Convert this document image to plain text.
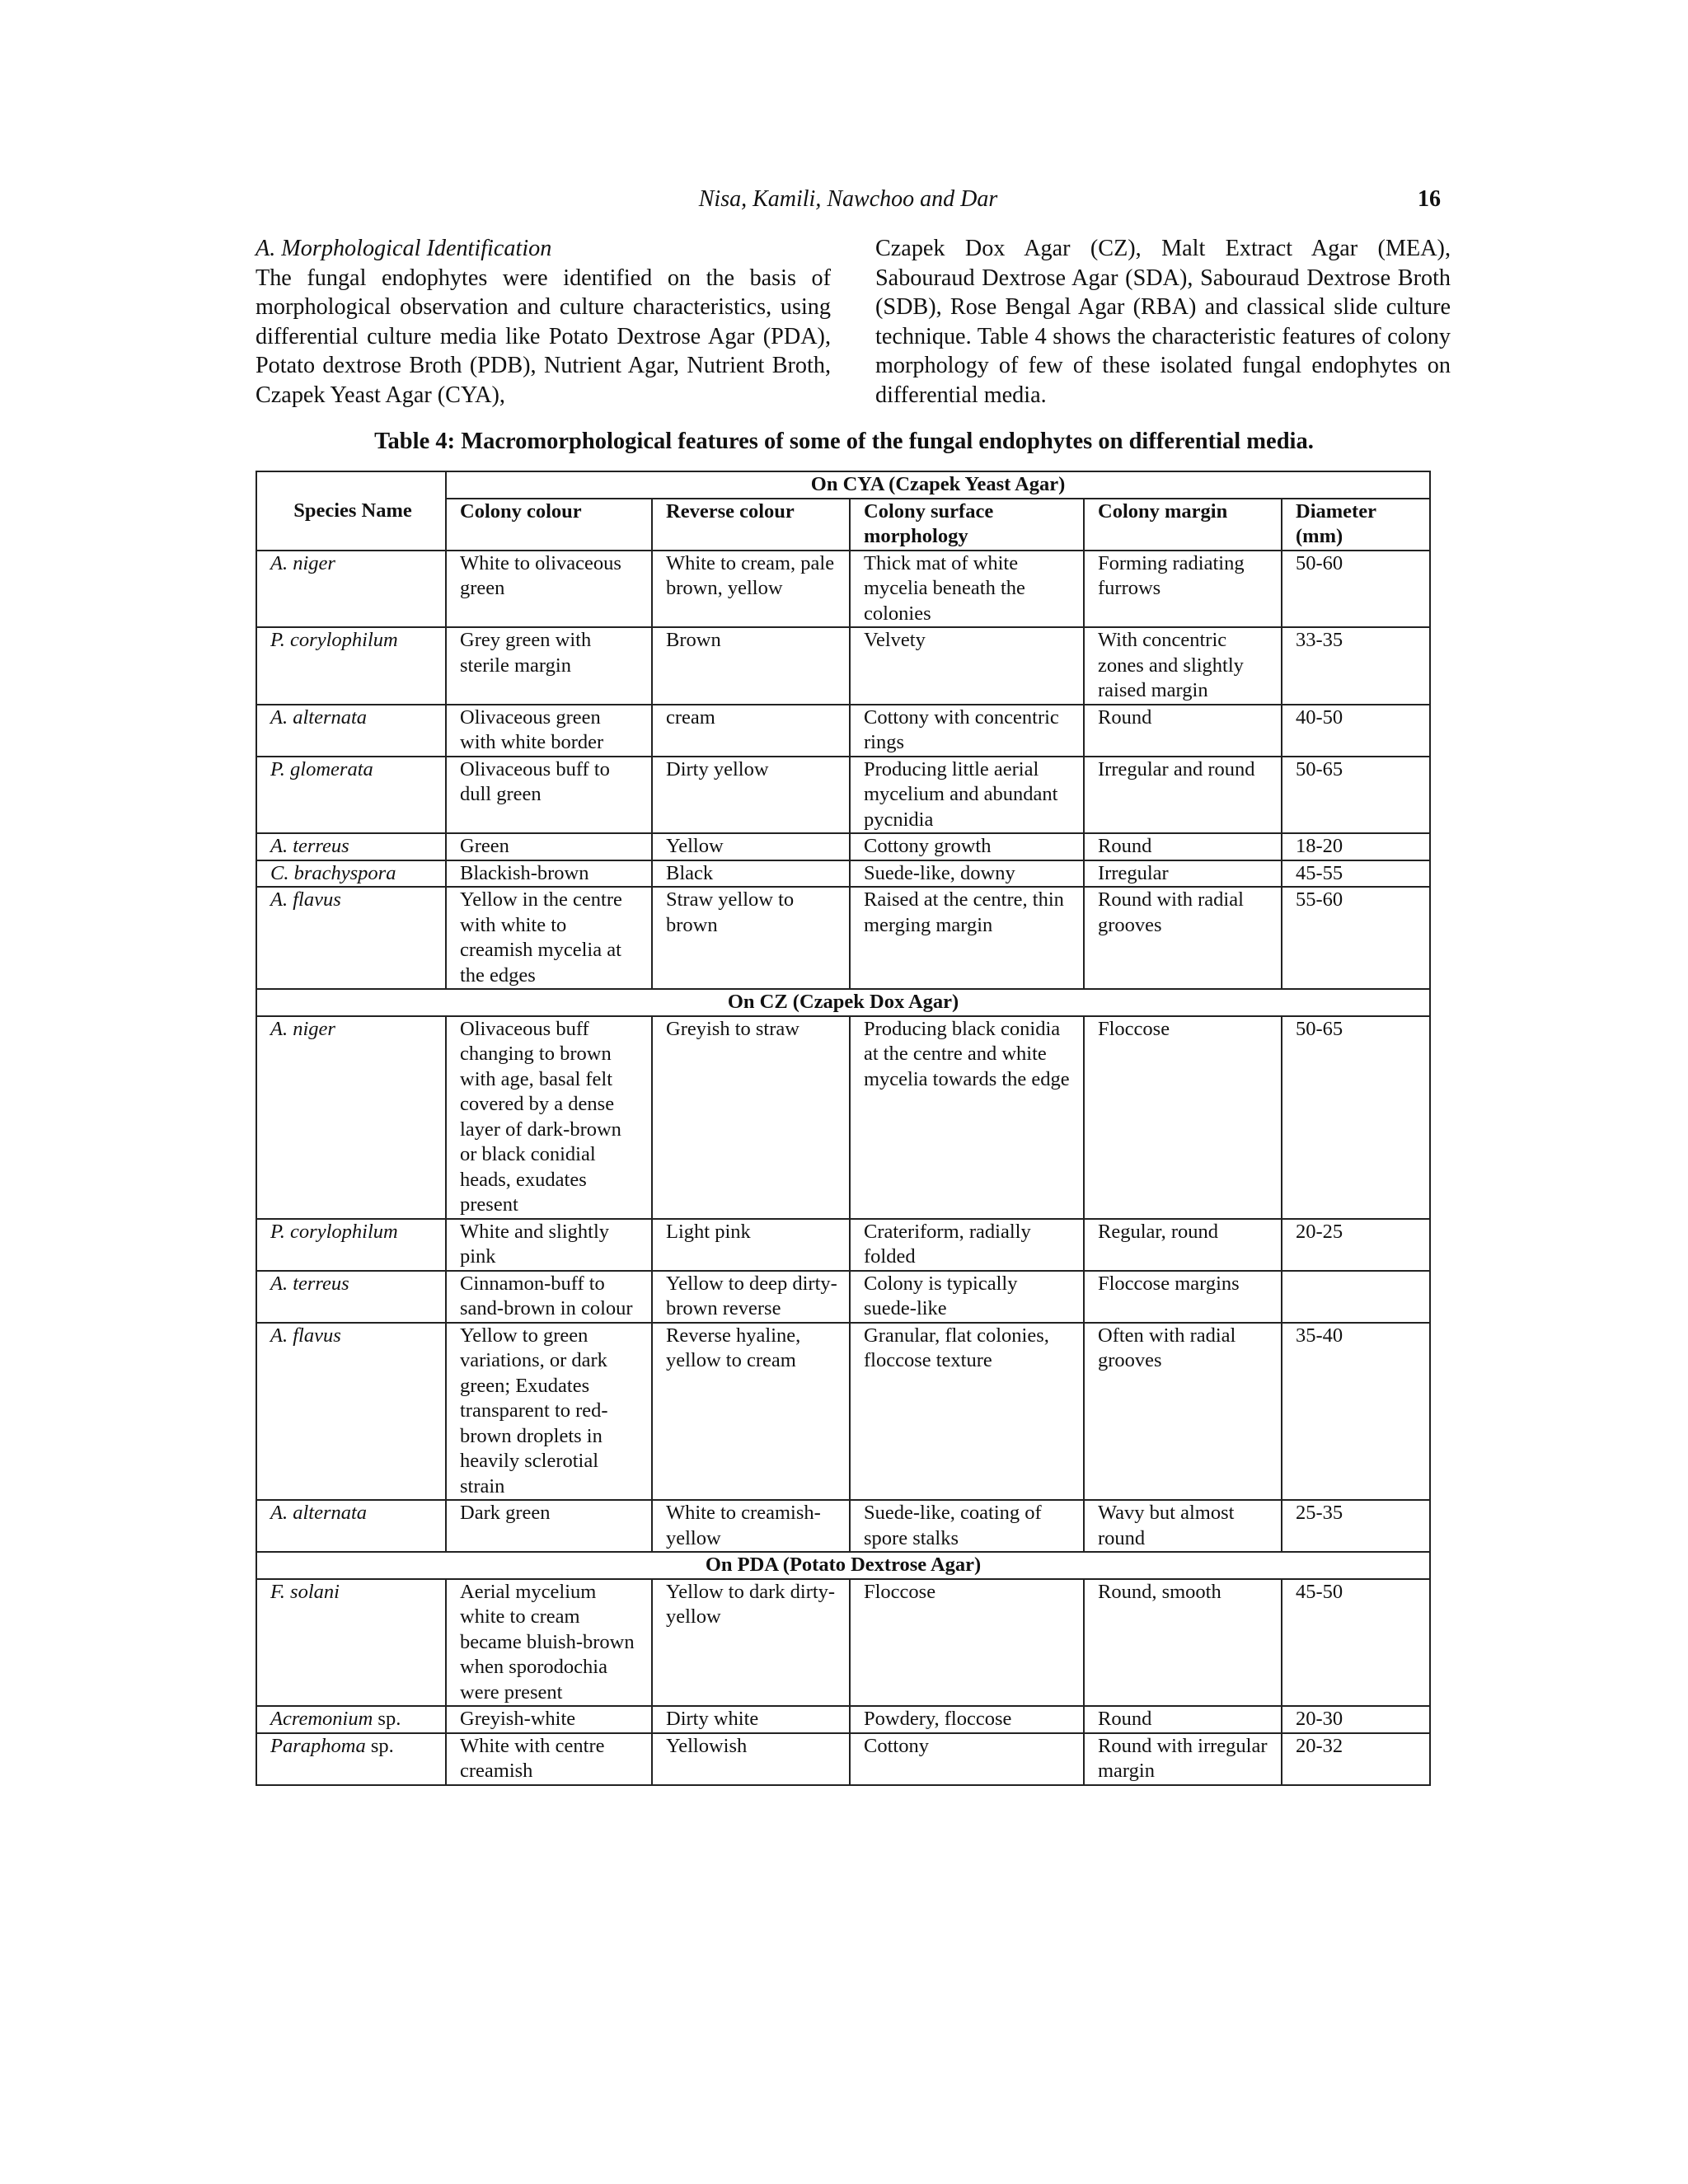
Nisa, Kamili, Nawchoo and Dar	16

A. Morphological Identification

The fungal endophytes were identified on the basis of morphological observation and culture characteristics, using differential culture media like Potato Dextrose Agar (PDA), Potato dextrose Broth (PDB), Nutrient Agar, Nutrient Broth, Czapek Yeast Agar (CYA),

Czapek Dox Agar (CZ), Malt Extract Agar (MEA), Sabouraud Dextrose Agar (SDA), Sabouraud Dextrose Broth (SDB), Rose Bengal Agar (RBA) and classical slide culture technique. Table 4 shows the characteristic features of colony morphology of few of these isolated fungal endophytes on differential media.

Table 4: Macromorphological features of some of the fungal endophytes on differential media.
Species Name	On CYA (Czapek Yeast Agar)				
	Colony colour	Reverse colour	Colony surface morphology	Colony margin	Diameter (mm)
A. niger	White to olivaceous green	White to cream, pale brown, yellow	Thick mat of white mycelia beneath the colonies	Forming radiating furrows	50-60
P. corylophilum	Grey green with sterile margin	Brown	Velvety	With concentric zones and slightly raised margin	33-35
A. alternata	Olivaceous green with white border	cream	Cottony with concentric rings	Round	40-50
P. glomerata	Olivaceous buff to dull green	Dirty yellow	Producing little aerial mycelium and abundant pycnidia	Irregular and round	50-65
A. terreus	Green	Yellow	Cottony growth	Round	18-20
C. brachyspora	Blackish-brown	Black	Suede-like, downy	Irregular	45-55
A. flavus	Yellow in the centre with white to creamish mycelia at the edges	Straw yellow to brown	Raised at the centre, thin merging margin	Round with radial grooves	55-60
On CZ (Czapek Dox Agar)					
A. niger	Olivaceous buff changing to brown with age, basal felt covered by a dense layer of dark-brown or black conidial heads, exudates present	Greyish to straw	Producing black conidia at the centre and white mycelia towards the edge	Floccose	50-65
P. corylophilum	White and slightly pink	Light pink	Crateriform, radially folded	Regular, round	20-25
A. terreus	Cinnamon-buff to sand-brown in colour	Yellow to deep dirty-brown reverse	Colony is typically suede-like	Floccose margins	
A. flavus	Yellow to green variations, or dark green; Exudates transparent to red-brown droplets in heavily sclerotial strain	Reverse hyaline, yellow to cream	Granular, flat colonies, floccose texture	Often with radial grooves	35-40
A. alternata	Dark green	White to creamish-yellow	Suede-like, coating of spore stalks	Wavy but almost round	25-35
On PDA (Potato Dextrose Agar)					
F. solani	Aerial mycelium white to cream became bluish-brown when sporodochia were present	Yellow to dark dirty-yellow	Floccose	Round, smooth	45-50
Acremonium sp.	Greyish-white	Dirty white	Powdery, floccose	Round	20-30
Paraphoma sp.	White with centre creamish	Yellowish	Cottony	Round with irregular margin	20-32
